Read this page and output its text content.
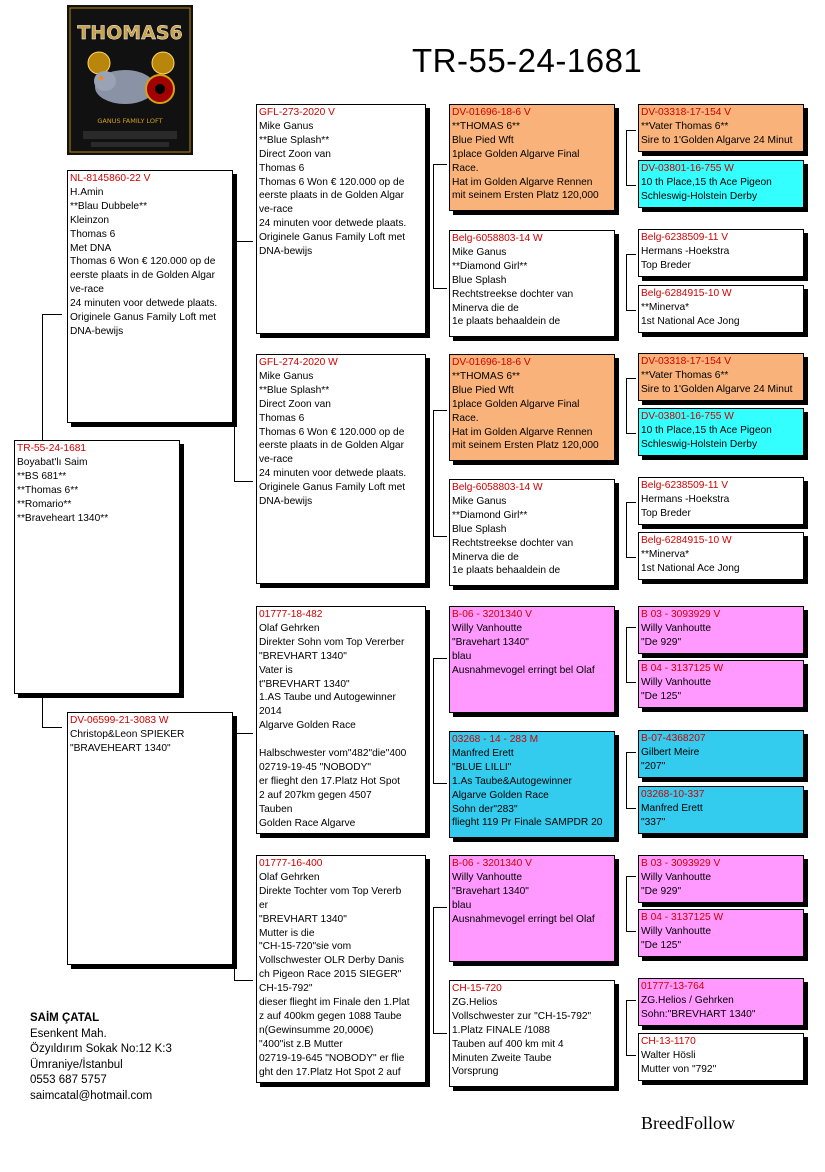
THOMAS6
GANUS FAMILY LOFT
TR-55-24-1681
TR-55-24-1681
Boyabat'lı Saim
**BS 681**
**Thomas 6**
**Romario**
**Braveheart 1340**
NL-8145860-22 V
H.Amin
**Blau Dubbele**
Kleinzon
Thomas 6
Met DNA
Thomas 6 Won € 120.000 op de
eerste plaats in de Golden Algar
ve-race
24 minuten voor detwede plaats.
Originele Ganus Family Loft met
DNA-bewijs
DV-06599-21-3083 W
Christop&Leon SPIEKER
"BRAVEHEART 1340"
GFL-273-2020 V
Mike Ganus
**Blue Splash**
Direct Zoon van
Thomas 6
Thomas 6 Won € 120.000 op de
eerste plaats in de Golden Algar
ve-race
24 minuten voor detwede plaats.
Originele Ganus Family Loft met
DNA-bewijs
GFL-274-2020 W
Mike Ganus
**Blue Splash**
Direct Zoon van
Thomas 6
Thomas 6 Won € 120.000 op de
eerste plaats in de Golden Algar
ve-race
24 minuten voor detwede plaats.
Originele Ganus Family Loft met
DNA-bewijs
01777-18-482
Olaf Gehrken
Direkter Sohn vom Top Vererber
"BREVHART 1340"
Vater is
t"BREVHART 1340"
1.AS Taube und Autogewinner
2014
Algarve Golden Race

Halbschwester vom"482"die"400
02719-19-45 "NOBODY"
er flieght den 17.Platz Hot Spot
2 auf 207km gegen 4507
Tauben
Golden Race Algarve
01777-16-400
Olaf Gehrken
Direkte Tochter vom Top Vererb
er
"BREVHART 1340"
Mutter is die
"CH-15-720"sie vom
Vollschwester OLR Derby Danis
ch Pigeon Race 2015 SIEGER"
CH-15-792"
dieser flieght im Finale den 1.Plat
z auf 400km gegen 1088 Taube
n(Gewinsumme 20,000€)
"400"ist z.B Mutter
02719-19-645 "NOBODY" er flie
ght den 17.Platz Hot Spot 2 auf
DV-01696-18-6 V
**THOMAS 6**
Blue Pied Wft
1place Golden Algarve Final
Race.
Hat im Golden Algarve Rennen
mit seinem Ersten Platz 120,000
Belg-6058803-14 W
Mike Ganus
**Diamond Girl**
Blue Splash
Rechtstreekse dochter van
Minerva die de
1e plaats behaaldein de
DV-01696-18-6 V
**THOMAS 6**
Blue Pied Wft
1place Golden Algarve Final
Race.
Hat im Golden Algarve Rennen
mit seinem Ersten Platz 120,000
Belg-6058803-14 W
Mike Ganus
**Diamond Girl**
Blue Splash
Rechtstreekse dochter van
Minerva die de
1e plaats behaaldein de
B-06 - 3201340 V
Willy Vanhoutte
"Bravehart 1340"
blau
Ausnahmevogel erringt bel Olaf
03268 - 14 - 283 M
Manfred Erett
"BLUE LILLI"
1.As Taube&Autogewinner
Algarve Golden Race
Sohn der"283"
flieght 119 Pr Finale SAMPDR 20
B-06 - 3201340 V
Willy Vanhoutte
"Bravehart 1340"
blau
Ausnahmevogel erringt bel Olaf
CH-15-720
ZG.Helios
Vollschwester zur "CH-15-792"
1.Platz FINALE /1088
Tauben auf 400 km mit 4
Minuten Zweite Taube
Vorsprung
DV-03318-17-154 V
**Vater Thomas 6**
Sire to 1'Golden Algarve 24 Minut
DV-03801-16-755 W
10 th Place,15 th Ace Pigeon
Schleswig-Holstein Derby
Belg-6238509-11 V
Hermans -Hoekstra
Top Breder
Belg-6284915-10 W
**Minerva*
1st National Ace Jong
DV-03318-17-154 V
**Vater Thomas 6**
Sire to 1'Golden Algarve 24 Minut
DV-03801-16-755 W
10 th Place,15 th Ace Pigeon
Schleswig-Holstein Derby
Belg-6238509-11 V
Hermans -Hoekstra
Top Breder
Belg-6284915-10 W
**Minerva*
1st National Ace Jong
B 03 - 3093929 V
Willy Vanhoutte
"De 929"
B 04 - 3137125 W
Willy Vanhoutte
"De 125"
B-07-4368207
Gilbert Meire
"207"
03268-10-337
Manfred Erett
"337"
B 03 - 3093929 V
Willy Vanhoutte
"De 929"
B 04 - 3137125 W
Willy Vanhoutte
"De 125"
01777-13-764
ZG.Helios / Gehrken
Sohn:"BREVHART 1340"
CH-13-1170
Walter Hösli
Mutter von "792"
SAİM ÇATAL
Esenkent Mah.
Özyıldırım Sokak No:12 K:3
Ümraniye/İstanbul
0553 687 5757
saimcatal@hotmail.com
BreedFollow
